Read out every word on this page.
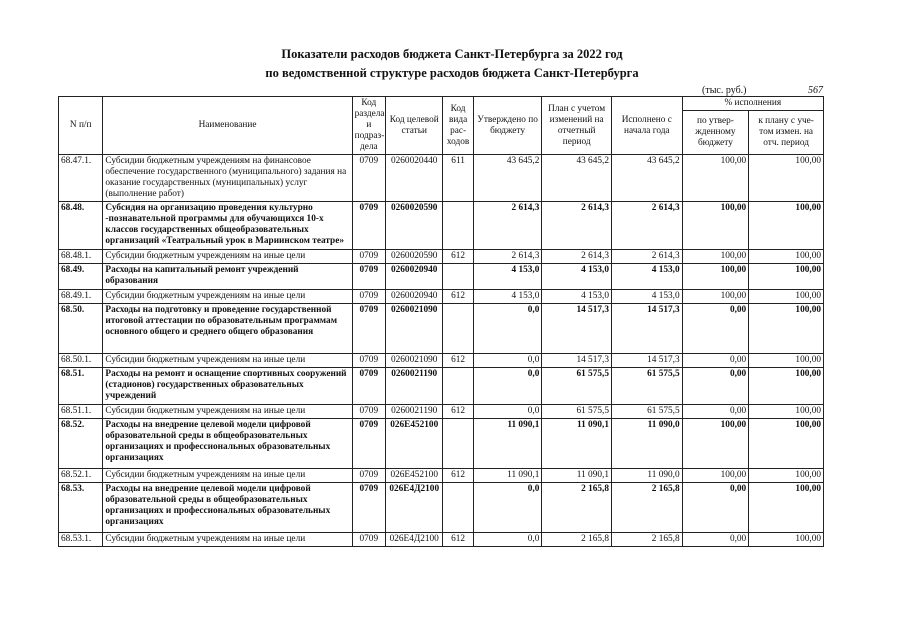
Показатели расходов бюджета Санкт-Петербурга за 2022 год
по ведомственной структуре расходов бюджета Санкт-Петербурга
(тыс. руб.)	567
N п/п	Наименование	Код раздела и подраз-дела	Код целевой статьи	Код вида рас-ходов	Утверждено по бюджету	План с учетом изменений на отчетный период	Исполнено с начала года	% исполнения	
								по утвер-жденному бюджету	к плану с уче-том измен. на отч. период
68.47.1.	Субсидии бюджетным учреждениям на финансовое обеспечение государственного (муниципального) задания на оказание государственных (муниципальных) услуг (выполнение работ)	0709	0260020440	611	43 645,2	43 645,2	43 645,2	100,00	100,00
68.48.	Субсидия на организацию проведения культурно -познавательной программы для обучающихся 10-х классов государственных общеобразовательных организаций «Театральный урок в Мариинском театре»	0709	0260020590		2 614,3	2 614,3	2 614,3	100,00	100,00
68.48.1.	Субсидии бюджетным учреждениям на иные цели	0709	0260020590	612	2 614,3	2 614,3	2 614,3	100,00	100,00
68.49.	Расходы на капитальный ремонт учреждений образования	0709	0260020940		4 153,0	4 153,0	4 153,0	100,00	100,00
68.49.1.	Субсидии бюджетным учреждениям на иные цели	0709	0260020940	612	4 153,0	4 153,0	4 153,0	100,00	100,00
68.50.	Расходы на подготовку и проведение государственной итоговой аттестации по образовательным программам основного общего и среднего общего образования	0709	0260021090		0,0	14 517,3	14 517,3	0,00	100,00
68.50.1.	Субсидии бюджетным учреждениям на иные цели	0709	0260021090	612	0,0	14 517,3	14 517,3	0,00	100,00
68.51.	Расходы на ремонт и оснащение спортивных сооружений (стадионов) государственных образовательных учреждений	0709	0260021190		0,0	61 575,5	61 575,5	0,00	100,00
68.51.1.	Субсидии бюджетным учреждениям на иные цели	0709	0260021190	612	0,0	61 575,5	61 575,5	0,00	100,00
68.52.	Расходы на внедрение целевой модели цифровой образовательной среды в общеобразовательных организациях и профессиональных образовательных организациях	0709	026Е452100		11 090,1	11 090,1	11 090,0	100,00	100,00
68.52.1.	Субсидии бюджетным учреждениям на иные цели	0709	026Е452100	612	11 090,1	11 090,1	11 090,0	100,00	100,00
68.53.	Расходы на внедрение целевой модели цифровой образовательной среды в общеобразовательных организациях и профессиональных образовательных организациях	0709	026Е4Д2100		0,0	2 165,8	2 165,8	0,00	100,00
68.53.1.	Субсидии бюджетным учреждениям на иные цели	0709	026Е4Д2100	612	0,0	2 165,8	2 165,8	0,00	100,00
